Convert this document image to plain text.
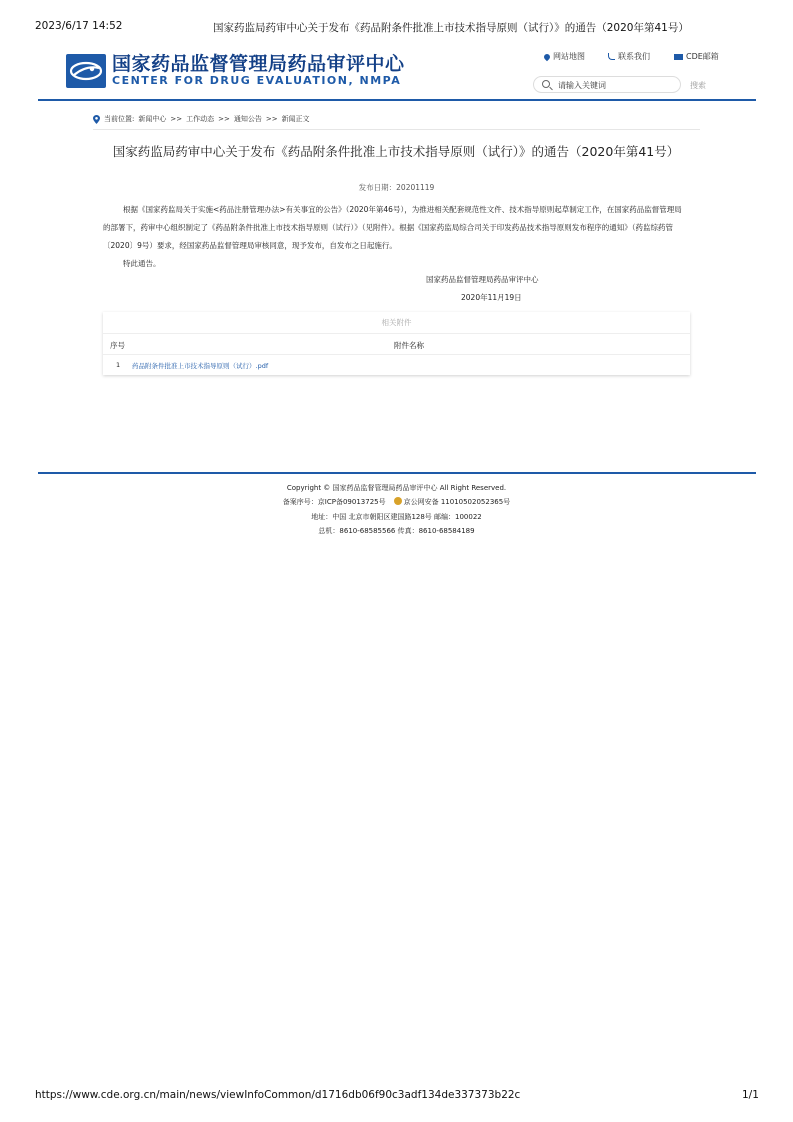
2023/6/17 14:52	国家药监局药审中心关于发布《药品附条件批准上市技术指导原则（试行）》的通告（2020年第41号）
国家药品监督管理局药品审评中心
CENTER FOR DRUG EVALUATION, NMPA
网站地图	联系我们	CDE邮箱
请输入关键词	搜索
当前位置: 新闻中心 >> 工作动态 >> 通知公告 >> 新闻正文
国家药监局药审中心关于发布《药品附条件批准上市技术指导原则（试行）》的通告（2020年第41号）
发布日期：20201119
根据《国家药监局关于实施<药品注册管理办法>有关事宜的公告》（2020年第46号），为推进相关配套规范性文件、技术指导原则起草制定工作，在国家药品监督管理局的部署下，药审中心组织制定了《药品附条件批准上市技术指导原则（试行）》（见附件）。根据《国家药监局综合司关于印发药品技术指导原则发布程序的通知》（药监综药管〔2020〕9号）要求，经国家药品监督管理局审核同意，现予发布，自发布之日起施行。
特此通告。
国家药品监督管理局药品审评中心
2020年11月19日
相关附件
序号	附件名称
1 药品附条件批准上市技术指导原则（试行）.pdf
Copyright © 国家药品监督管理局药品审评中心 All Right Reserved.
备案序号：京ICP备09013725号	京公网安备 11010502052365号
地址：中国 北京市朝阳区建国路128号 邮编：100022
总机：8610-68585566 传真：8610-68584189
https://www.cde.org.cn/main/news/viewInfoCommon/d1716db06f90c3adf134de337373b22c	1/1
